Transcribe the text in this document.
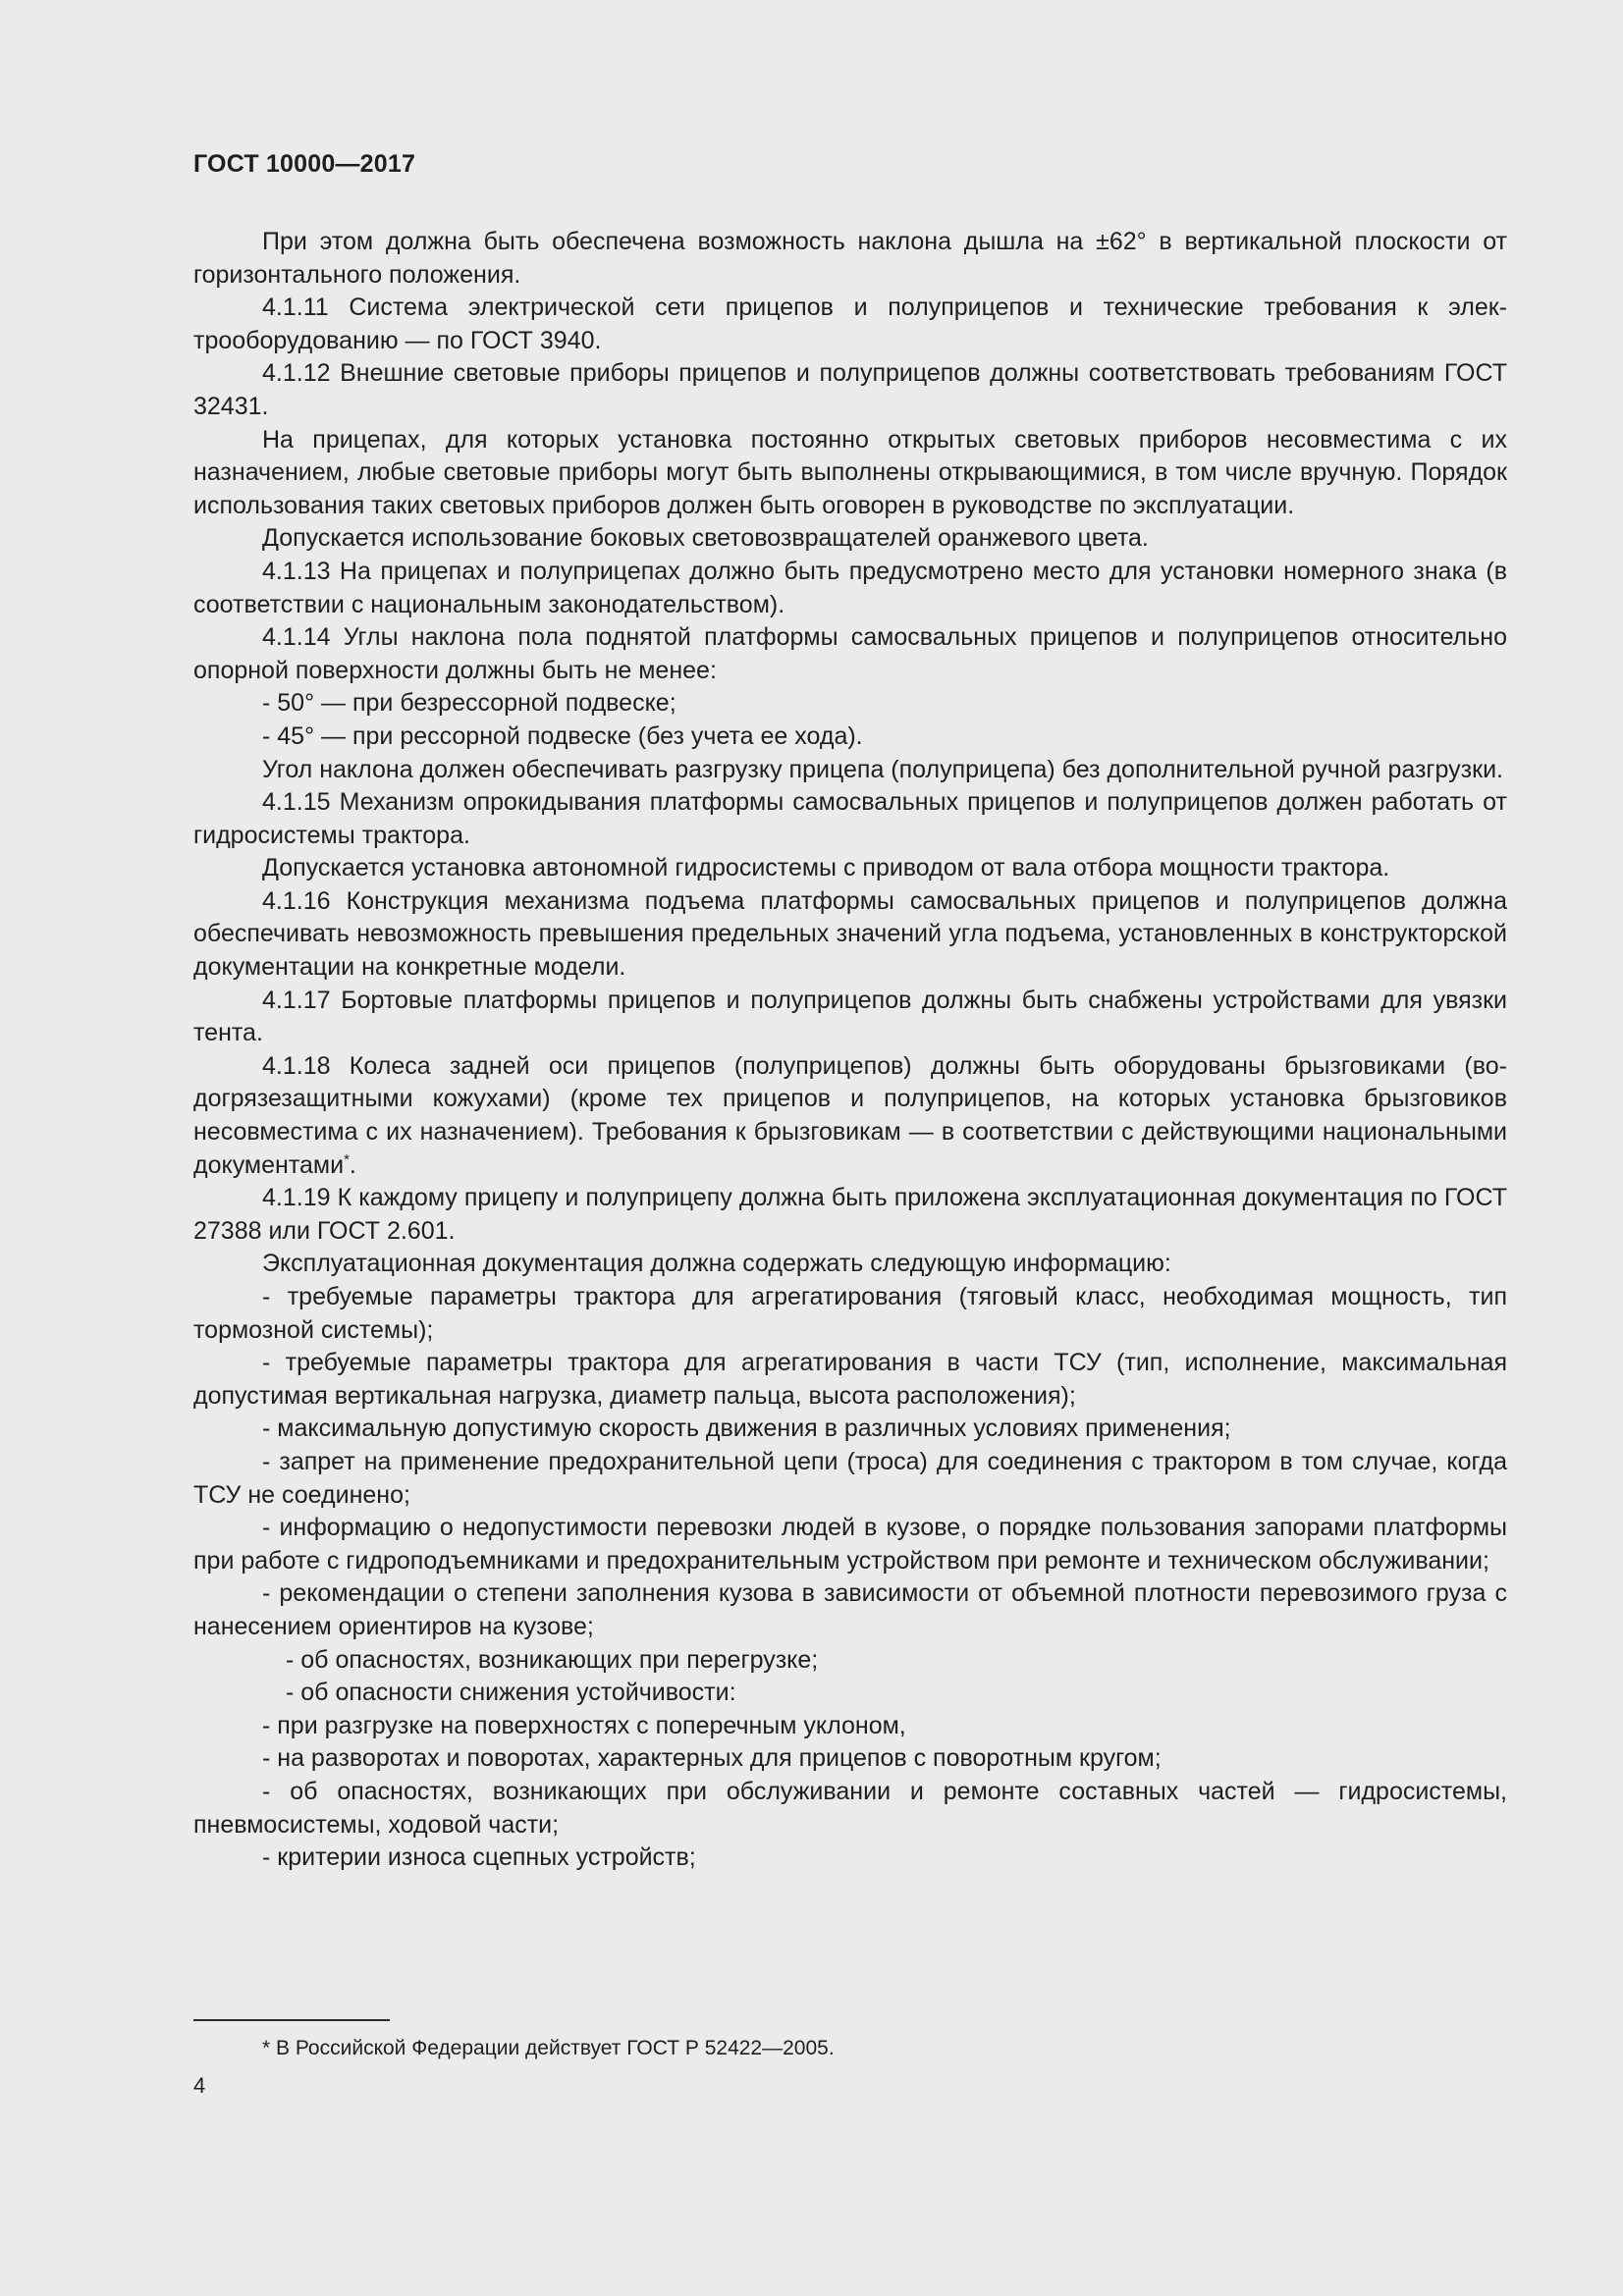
ГОСТ 10000—2017

При этом должна быть обеспечена возможность наклона дышла на ±62° в вертикальной плоскости от горизонтального положения.

4.1.11 Система электрической сети прицепов и полуприцепов и технические требования к электрооборудованию — по ГОСТ 3940.

4.1.12 Внешние световые приборы прицепов и полуприцепов должны соответствовать требованиям ГОСТ 32431.

На прицепах, для которых установка постоянно открытых световых приборов несовместима с их назначением, любые световые приборы могут быть выполнены открывающимися, в том числе вручную. Порядок использования таких световых приборов должен быть оговорен в руководстве по эксплуатации.

Допускается использование боковых световозвращателей оранжевого цвета.

4.1.13 На прицепах и полуприцепах должно быть предусмотрено место для установки номерного знака (в соответствии с национальным законодательством).

4.1.14 Углы наклона пола поднятой платформы самосвальных прицепов и полуприцепов относительно опорной поверхности должны быть не менее:

- 50° — при безрессорной подвеске;

- 45° — при рессорной подвеске (без учета ее хода).

Угол наклона должен обеспечивать разгрузку прицепа (полуприцепа) без дополнительной ручной разгрузки.

4.1.15 Механизм опрокидывания платформы самосвальных прицепов и полуприцепов должен работать от гидросистемы трактора.

Допускается установка автономной гидросистемы с приводом от вала отбора мощности трактора.

4.1.16 Конструкция механизма подъема платформы самосвальных прицепов и полуприцепов должна обеспечивать невозможность превышения предельных значений угла подъема, установленных в конструкторской документации на конкретные модели.

4.1.17 Бортовые платформы прицепов и полуприцепов должны быть снабжены устройствами для увязки тента.

4.1.18 Колеса задней оси прицепов (полуприцепов) должны быть оборудованы брызговиками (водогрязезащитными кожухами) (кроме тех прицепов и полуприцепов, на которых установка брызговиков несовместима с их назначением). Требования к брызговикам — в соответствии с действующими национальными документами*.

4.1.19 К каждому прицепу и полуприцепу должна быть приложена эксплуатационная документация по ГОСТ 27388 или ГОСТ 2.601.

Эксплуатационная документация должна содержать следующую информацию:

- требуемые параметры трактора для агрегатирования (тяговый класс, необходимая мощность, тип тормозной системы);

- требуемые параметры трактора для агрегатирования в части ТСУ (тип, исполнение, максимальная допустимая вертикальная нагрузка, диаметр пальца, высота расположения);

- максимальную допустимую скорость движения в различных условиях применения;

- запрет на применение предохранительной цепи (троса) для соединения с трактором в том случае, когда ТСУ не соединено;

- информацию о недопустимости перевозки людей в кузове, о порядке пользования запорами платформы при работе с гидроподъемниками и предохранительным устройством при ремонте и техническом обслуживании;

- рекомендации о степени заполнения кузова в зависимости от объемной плотности перевозимого груза с нанесением ориентиров на кузове;

- об опасностях, возникающих при перегрузке;

- об опасности снижения устойчивости:

- при разгрузке на поверхностях с поперечным уклоном,

- на разворотах и поворотах, характерных для прицепов с поворотным кругом;

- об опасностях, возникающих при обслуживании и ремонте составных частей — гидросистемы, пневмосистемы, ходовой части;

- критерии износа сцепных устройств;

* В Российской Федерации действует ГОСТ Р 52422—2005.
4
